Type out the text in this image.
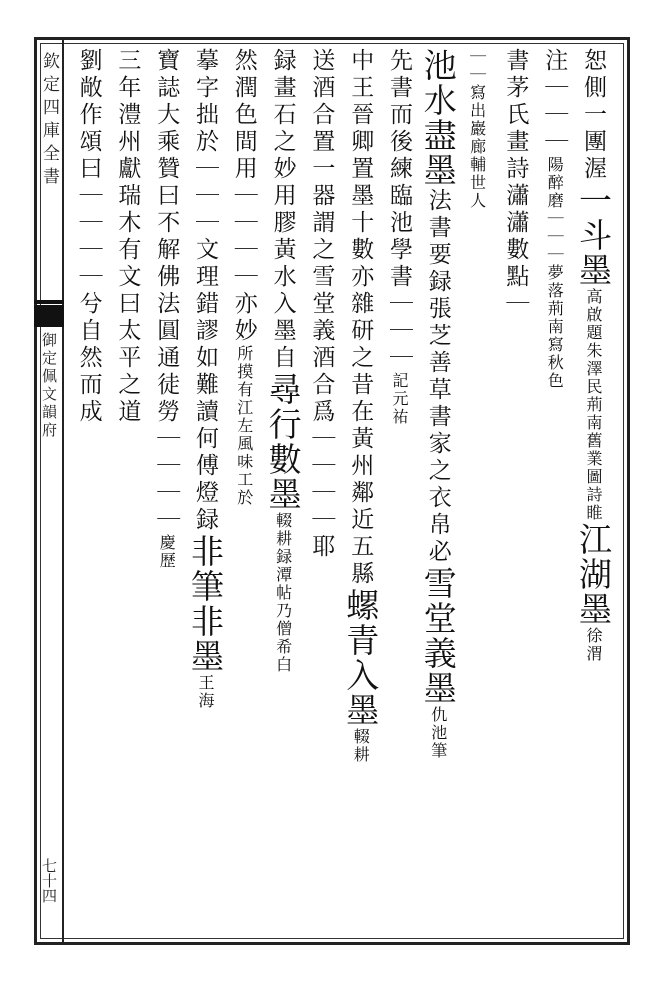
欽定四庫全書
御定佩文韻府
七十四
恕側一團渥一斗墨高啟題朱澤民荊南舊業圖詩睢江湖墨徐渭
注｜｜｜陽醉磨｜｜｜夢落荊南寫秋色
書茅氏畫詩瀟瀟數點｜
｜｜寫出巖廊輔世人
池水盡墨法書要録張芝善草書家之衣帛必雪堂義墨仇池筆
先書而後練臨池學書｜｜｜記元祐
中王晉卿置墨十數亦雜研之昔在黃州鄰近五縣螺青入墨輟耕
送酒合置一器謂之雪堂義酒合爲｜｜｜｜耶
録畫石之妙用膠黃水入墨自尋行數墨輟耕録潭帖乃僧希白
然潤色間用｜｜｜｜亦妙所摸有江左風味工於
摹字拙於｜｜｜文理錯謬如難讀何傅燈録非筆非墨王海
寶誌大乘贊曰不解佛法圓通徒勞｜｜｜｜慶歷
三年澧州獻瑞木有文曰太平之道
劉敞作頌曰｜｜｜｜兮自然而成
